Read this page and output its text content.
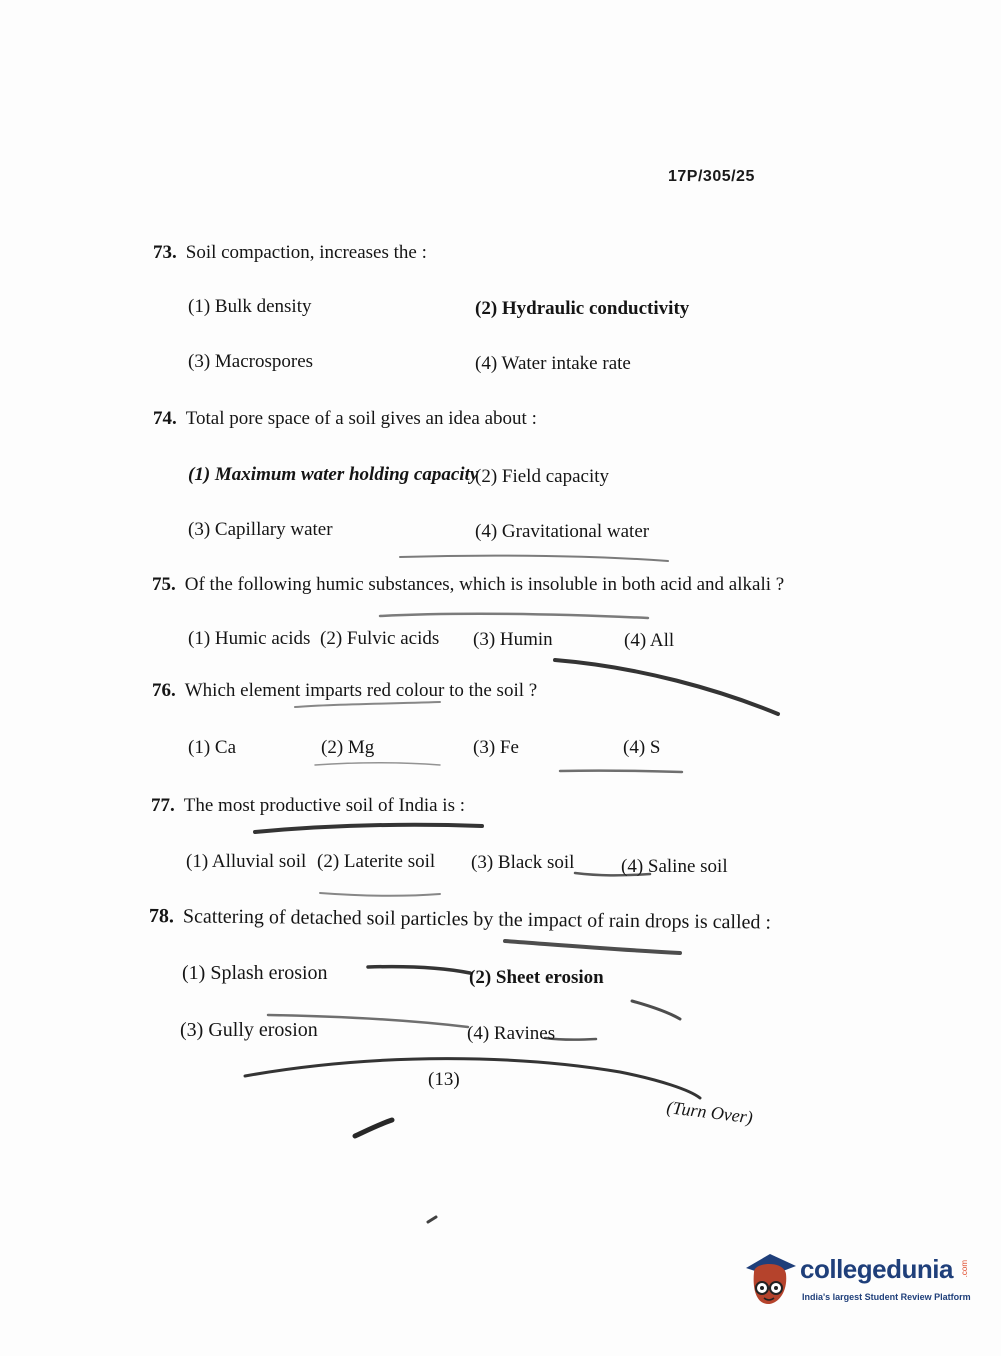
17P/305/25
73. Soil compaction, increases the :
(1) Bulk density	(2) Hydraulic conductivity
(3) Macrospores	(4) Water intake rate
74. Total pore space of a soil gives an idea about :
(1) Maximum water holding capacity
(2) Field capacity
(3) Capillary water	(4) Gravitational water
75. Of the following humic substances, which is insoluble in both acid and alkali ?
(1) Humic acids (2) Fulvic acids (3) Humin	(4) All
76. Which element imparts red colour to the soil ?
(1) Ca	(2) Mg	(3) Fe	(4) S
77. The most productive soil of India is :
(1) Alluvial soil (2) Laterite soil (3) Black soil (4) Saline soil
78. Scattering of detached soil particles by the impact of rain drops is called :
(1) Splash erosion	(2) Sheet erosion
(3) Gully erosion	(4) Ravines
(13)
(Turn Over)
collegedunia .com
India's largest Student Review Platform
